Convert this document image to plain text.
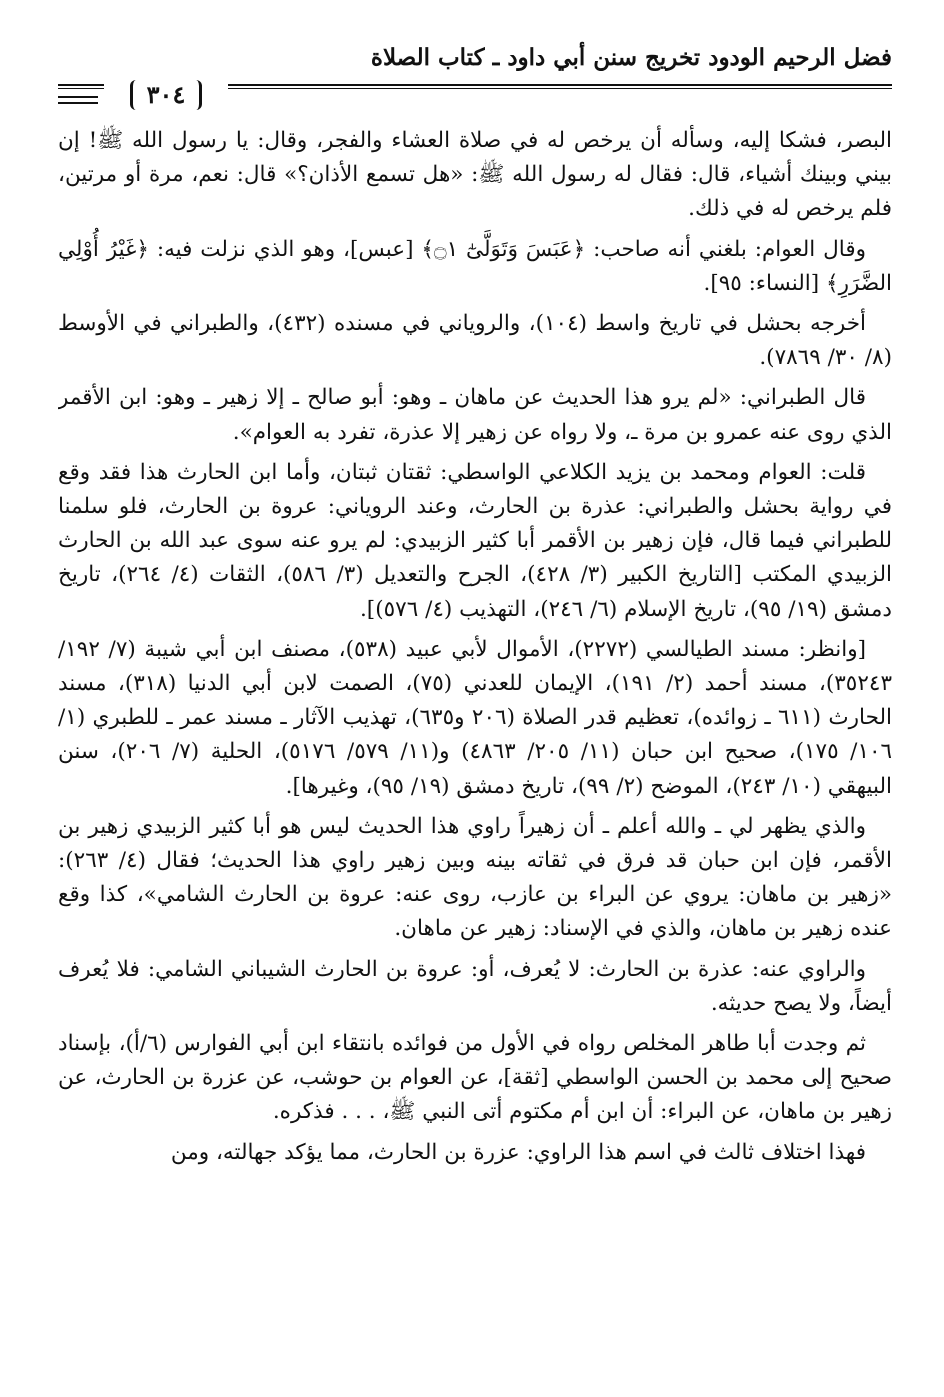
فضل الرحيم الودود تخريج سنن أبي داود ـ كتاب الصلاة
٣٠٤

البصر، فشكا إليه، وسأله أن يرخص له في صلاة العشاء والفجر، وقال: يا رسول الله ﷺ! إن بيني وبينك أشياء، قال: فقال له رسول الله ﷺ: «هل تسمع الأذان؟» قال: نعم، مرة أو مرتين، فلم يرخص له في ذلك.

وقال العوام: بلغني أنه صاحب: ﴿عَبَسَ وَتَوَلَّىٰٓ ۝١﴾ [عبس]، وهو الذي نزلت فيه: ﴿غَيْرُ أُوْلِي الضَّرَرِ﴾ [النساء: ٩٥].

أخرجه بحشل في تاريخ واسط (١٠٤)، والروياني في مسنده (٤٣٢)، والطبراني في الأوسط (٨/ ٣٠/ ٧٨٦٩).

قال الطبراني: «لم يرو هذا الحديث عن ماهان ـ وهو: أبو صالح ـ إلا زهير ـ وهو: ابن الأقمر الذي روى عنه عمرو بن مرة ـ، ولا رواه عن زهير إلا عذرة، تفرد به العوام».

قلت: العوام ومحمد بن يزيد الكلاعي الواسطي: ثقتان ثبتان، وأما ابن الحارث هذا فقد وقع في رواية بحشل والطبراني: عذرة بن الحارث، وعند الروياني: عروة بن الحارث، فلو سلمنا للطبراني فيما قال، فإن زهير بن الأقمر أبا كثير الزبيدي: لم يرو عنه سوى عبد الله بن الحارث الزبيدي المكتب [التاريخ الكبير (٣/ ٤٢٨)، الجرح والتعديل (٣/ ٥٨٦)، الثقات (٤/ ٢٦٤)، تاريخ دمشق (١٩/ ٩٥)، تاريخ الإسلام (٦/ ٢٤٦)، التهذيب (٤/ ٥٧٦)].

[وانظر: مسند الطيالسي (٢٢٧٢)، الأموال لأبي عبيد (٥٣٨)، مصنف ابن أبي شيبة (٧/ ١٩٢/ ٣٥٢٤٣)، مسند أحمد (٢/ ١٩١)، الإيمان للعدني (٧٥)، الصمت لابن أبي الدنيا (٣١٨)، مسند الحارث (٦١١ ـ زوائده)، تعظيم قدر الصلاة (٢٠٦ و٦٣٥)، تهذيب الآثار ـ مسند عمر ـ للطبري (١/ ١٠٦/ ١٧٥)، صحيح ابن حبان (١١/ ٢٠٥/ ٤٨٦٣) و(١١/ ٥٧٩/ ٥١٧٦)، الحلية (٧/ ٢٠٦)، سنن البيهقي (١٠/ ٢٤٣)، الموضح (٢/ ٩٩)، تاريخ دمشق (١٩/ ٩٥)، وغيرها].

والذي يظهر لي ـ والله أعلم ـ أن زهيراً راوي هذا الحديث ليس هو أبا كثير الزبيدي زهير بن الأقمر، فإن ابن حبان قد فرق في ثقاته بينه وبين زهير راوي هذا الحديث؛ فقال (٤/ ٢٦٣): «زهير بن ماهان: يروي عن البراء بن عازب، روى عنه: عروة بن الحارث الشامي»، كذا وقع عنده زهير بن ماهان، والذي في الإسناد: زهير عن ماهان.

والراوي عنه: عذرة بن الحارث: لا يُعرف، أو: عروة بن الحارث الشيباني الشامي: فلا يُعرف أيضاً، ولا يصح حديثه.

ثم وجدت أبا طاهر المخلص رواه في الأول من فوائده بانتقاء ابن أبي الفوارس (٦/أ)، بإسناد صحيح إلى محمد بن الحسن الواسطي [ثقة]، عن العوام بن حوشب، عن عزرة بن الحارث، عن زهير بن ماهان، عن البراء: أن ابن أم مكتوم أتى النبي ﷺ، . . . فذكره.

فهذا اختلاف ثالث في اسم هذا الراوي: عزرة بن الحارث، مما يؤكد جهالته، ومن
